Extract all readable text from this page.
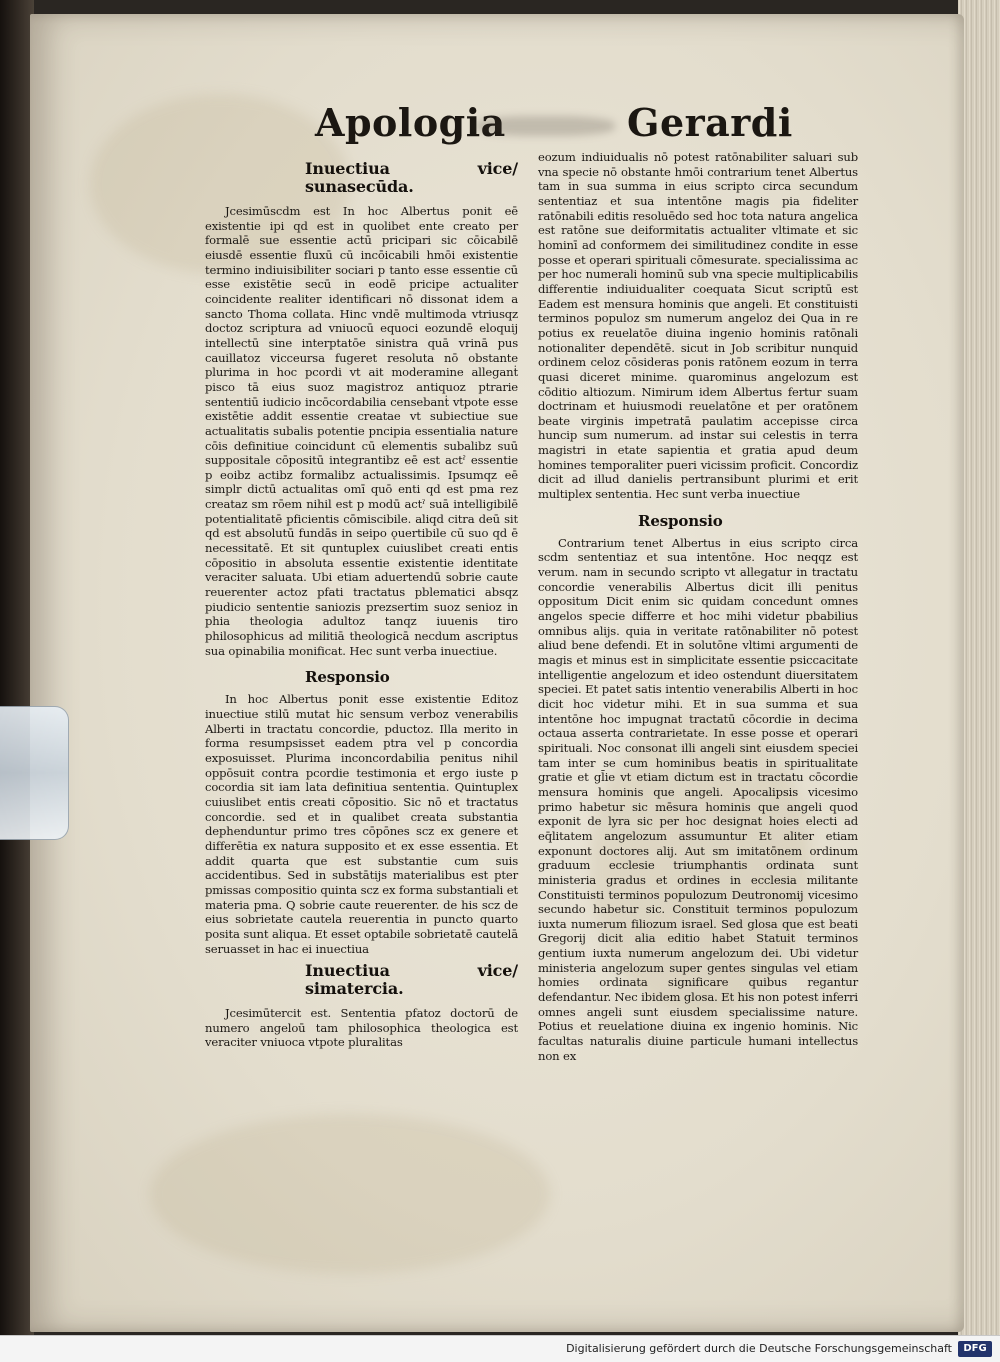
Apologia	Gerardi
Inuectiua vice/ sunasecūda.

Jcesimūscdm est In hoc Albertus ponit eē existentie ipi qd est in quolibet ente creato per formalē sue essentie actū pricipari sic cōicabilē eiusdē essentie fluxū cū incōicabili hmōi existentie termino indiuisibiliter sociari p tanto esse essentie cū esse existētie secū in eodē pricipe actualiter coincidente realiter identificari nō dissonat idem a sancto Thoma collata. Hinc vndē multimoda vtriusqz doctoz scriptura ad vniuocū equoci eozundē eloquij intellectū sine interptatōe sinistra quā vrinā pus cauillatoz vicceursa fugeret resoluta nō obstante plurima in hoc pcordi vt ait moderamine alleganṫ pisco tā eius suoz magistroz antiquoz ptrarie sententiū iudicio incōcordabilia censebanṫ vtpote esse existētie addit essentie creatae vt subiectiue sue actualitatis subalis potentie pncipia essentialia nature cōis definitiue coincidunt cū elementis subalibz suū suppositale cōpositū integrantibz eē est actˀ essentie p eoibz actibz formalibz actualissimis. Ipsumqz eē simplr dictū actualitas omī quō enti qd est pma rez creataz sm rōem nihil est p modū actˀ suā intelligibilē potentialitatē pficientis cōmiscibile. aliqd citra deū sit qd est absolutū fundās in seipo ǫuertibile cū suo qd ē necessitatē. Et sit quntuplex cuiuslibet creati entis cōpositio in absoluta essentie existentie identitate veraciter saluata. Ubi etiam aduertendū sobrie caute reuerenter actoz pfati tractatus pblematici absqz piudicio sententie saniozis prezsertim suoz senioz in phia theologia adultoz tanqz iuuenis tiro philosophicus ad militiā theologicā necdum ascriptus sua opinabilia monificat. Hec sunt verba inuectiue.

Responsio

In hoc Albertus ponit esse existentie Editoz inuectiue stilū mutat hic sensum verboz venerabilis Alberti in tractatu concordie, pductoz. Illa merito in forma resumpsisset eadem ptra vel p concordia exposuisset. Plurima inconcordabilia penitus nihil oppōsuit contra pcordie testimonia et ergo iuste p cocordia sit iam lata definitiua sententia. Quintuplex cuiuslibet entis creati cōpositio. Sic nō et tractatus concordie. sed et in qualibet creata substantia dephenduntur primo tres cōpōnes scz ex genere et differētia ex natura supposito et ex esse essentia. Et addit quarta que est substantie cum suis accidentibus. Sed in substātijs materialibus est pter pmissas compositio quinta scz ex forma substantiali et materia pma. Q sobrie caute reuerenter. de his scz de eius sobrietate cautela reuerentia in puncto quarto posita sunt aliqua. Et esset optabile sobrietatē cautelā seruasset in hac ei inuectiua

Inuectiua vice/ simatercia.

Jcesimūtercit est. Sententia pfatoz doctorū de numero angeloū tam philosophica theologica est veraciter vniuoca vtpote pluralitas

eozum indiuidualis nō potest ratōnabiliter saluari sub vna specie nō obstante hmōi contrarium tenet Albertus tam in sua summa in eius scripto circa secundum sententiaz et sua intentōne magis pia fideliter ratōnabili editis resoluēdo sed hoc tota natura angelica est ratōne sue deiformitatis actualiter vltimate et sic hominī ad conformem dei similitudinez condite in esse posse et operari spirituali cōmesurate. specialissima ac per hoc numerali hominū sub vna specie multiplicabilis differentie indiuidualiter coequata Sicut scriptū est Eadem est mensura hominis que angeli. Et constituisti terminos populoz sm numerum angeloz dei Qua in re potius ex reuelatōe diuina ingenio hominis ratōnali notionaliter dependētē. sicut in Job scribitur nunquid ordinem celoz cōsideras ponis ratōnem eozum in terra quasi diceret minime. quarominus angelozum est cōditio altiozum. Nimirum idem Albertus fertur suam doctrinam et huiusmodi reuelatōne et per oratōnem beate virginis impetratā paulatim accepisse circa huncip sum numerum. ad instar sui celestis in terra magistri in etate sapientia et gratia apud deum homines temporaliter pueri vicissim proficit. Concordiz dicit ad illud danielis pertransibunt plurimi et erit multiplex sententia. Hec sunt verba inuectiue

Responsio

Contrarium tenet Albertus in eius scripto circa scdm sententiaz et sua intentōne. Hoc neqqz est verum. nam in secundo scripto vt allegatur in tractatu concordie venerabilis Albertus dicit illi penitus oppositum Dicit enim sic quidam concedunt omnes angelos specie differre et hoc mihi videtur pbabilius omnibus alijs. quia in veritate ratōnabiliter nō potest aliud bene defendi. Et in solutōne vltimi argumenti de magis et minus est in simplicitate essentie psiccacitate intelligentie angelozum et ideo ostendunt diuersitatem speciei. Et patet satis intentio venerabilis Alberti in hoc dicit hoc videtur mihi. Et in sua summa et sua intentōne hoc impugnat tractatū cōcordie in decima octaua asserta contrarietate. In esse posse et operari spirituali. Noc consonat illi angeli sint eiusdem speciei tam inter se cum hominibus beatis in spiritualitate gratie et gl̄ie vt etiam dictum est in tractatu cōcordie mensura hominis que angeli. Apocalipsis vicesimo primo habetur sic mēsura hominis que angeli quod exponit de lyra sic per hoc designat hoies electi ad eq̄litatem angelozum assumuntur Et aliter etiam exponunt doctores alij. Aut sm imitatōnem ordinum graduum ecclesie triumphantis ordinata sunt ministeria gradus et ordines in ecclesia militante Constituisti terminos populozum Deutronomij vicesimo secundo habetur sic. Constituit terminos populozum iuxta numerum filiozum israel. Sed glosa que est beati Gregorij dicit alia editio habet Statuit terminos gentium iuxta numerum angelozum dei. Ubi videtur ministeria angelozum super gentes singulas vel etiam homies ordinata significare quibus regantur defendantur. Nec ibidem glosa. Et his non potest inferri omnes angeli sunt eiusdem specialissime nature. Potius et reuelatione diuina ex ingenio hominis. Nic facultas naturalis diuine particule humani intellectus non ex

Digitalisierung gefördert durch die Deutsche Forschungsgemeinschaft	DFG
